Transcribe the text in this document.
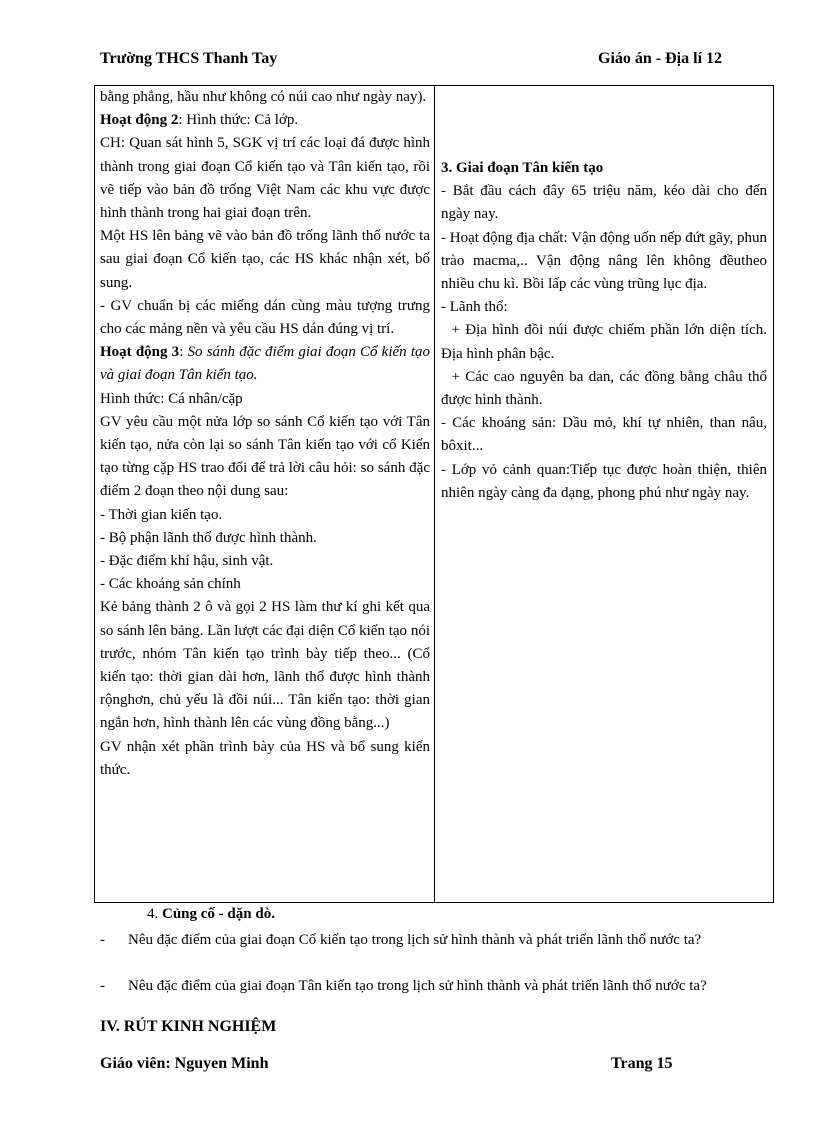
Trường THCS Thanh Tay	Giáo án - Địa lí 12

bằng phẳng, hầu như không có núi cao như ngày nay).

Hoạt động 2: Hình thức: Cả lớp.

CH: Quan sát hình 5, SGK vị trí các loại đá được hình thành trong giai đoạn Cổ kiến tạo và Tân kiến tạo, rồi vẽ tiếp vào bản đồ trống Việt Nam các khu vực được hình thành trong hai giai đoạn trên.

Một HS lên bảng vẽ vào bản đồ trống lãnh thổ nước ta sau giai đoạn Cổ kiến tạo, các HS khác nhận xét, bổ sung.

- GV chuẩn bị các miếng dán cùng màu tượng trưng cho các mảng nền và yêu cầu HS dán đúng vị trí.

Hoạt động 3: So sánh đặc điểm giai đoạn Cổ kiến tạo và giai đoạn Tân kiến tạo.

Hình thức: Cá nhân/cặp

GV yêu cầu một nửa lớp so sánh Cổ kiến tạo với Tân kiến tạo, nửa còn lại so sánh Tân kiến tạo với cổ Kiến tạo từng cặp HS trao đổi để trả lời câu hỏi: so sánh đặc điểm 2 đoạn theo nội dung sau:

- Thời gian kiến tạo.

- Bộ phận lãnh thổ được hình thành.

- Đặc điểm khí hậu, sinh vật.

- Các khoáng sản chính

Kẻ bảng thành 2 ô và gọi 2 HS làm thư kí ghi kết qua so sánh lên bảng. Lần lượt các đại diện Cổ kiến tạo nói trước, nhóm Tân kiến tạo trình bày tiếp theo... (Cổ kiến tạo: thời gian dài hơn, lãnh thổ được hình thành rộnghơn, chủ yếu là đồi núi... Tân kiến tạo: thời gian ngắn hơn, hình thành lên các vùng đồng bằng...)

GV nhận xét phần trình bày của HS và bổ sung kiến thức.

3. Giai đoạn Tân kiến tạo

- Bắt đầu cách đây 65 triệu năm, kéo dài cho đến ngày nay.

- Hoạt động địa chất: Vận động uốn nếp đứt gãy, phun trào macma,.. Vận động nâng lên không đềutheo nhiều chu kì. Bồi lấp các vùng trũng lục địa.

- Lãnh thổ:

+ Địa hình đồi núi được chiếm phần lớn diện tích. Địa hình phân bậc.

+ Các cao nguyên ba dan, các đồng bằng châu thổ được hình thành.

- Các khoáng sản: Dầu mỏ, khí tự nhiên, than nâu, bôxit...

- Lớp vỏ cảnh quan:Tiếp tục được hoàn thiện, thiên nhiên ngày càng đa dạng, phong phú như ngày nay.

4. Củng cố - dặn dò.
- Nêu đặc điểm của giai đoạn Cổ kiến tạo trong lịch sử hình thành và phát triển lãnh thổ nước ta?
- Nêu đặc điểm của giai đoạn Tân kiến tạo trong lịch sử hình thành và phát triển lãnh thổ nước ta?
IV. RÚT KINH NGHIỆM
Giáo viên: Nguyen Minh	Trang 15
